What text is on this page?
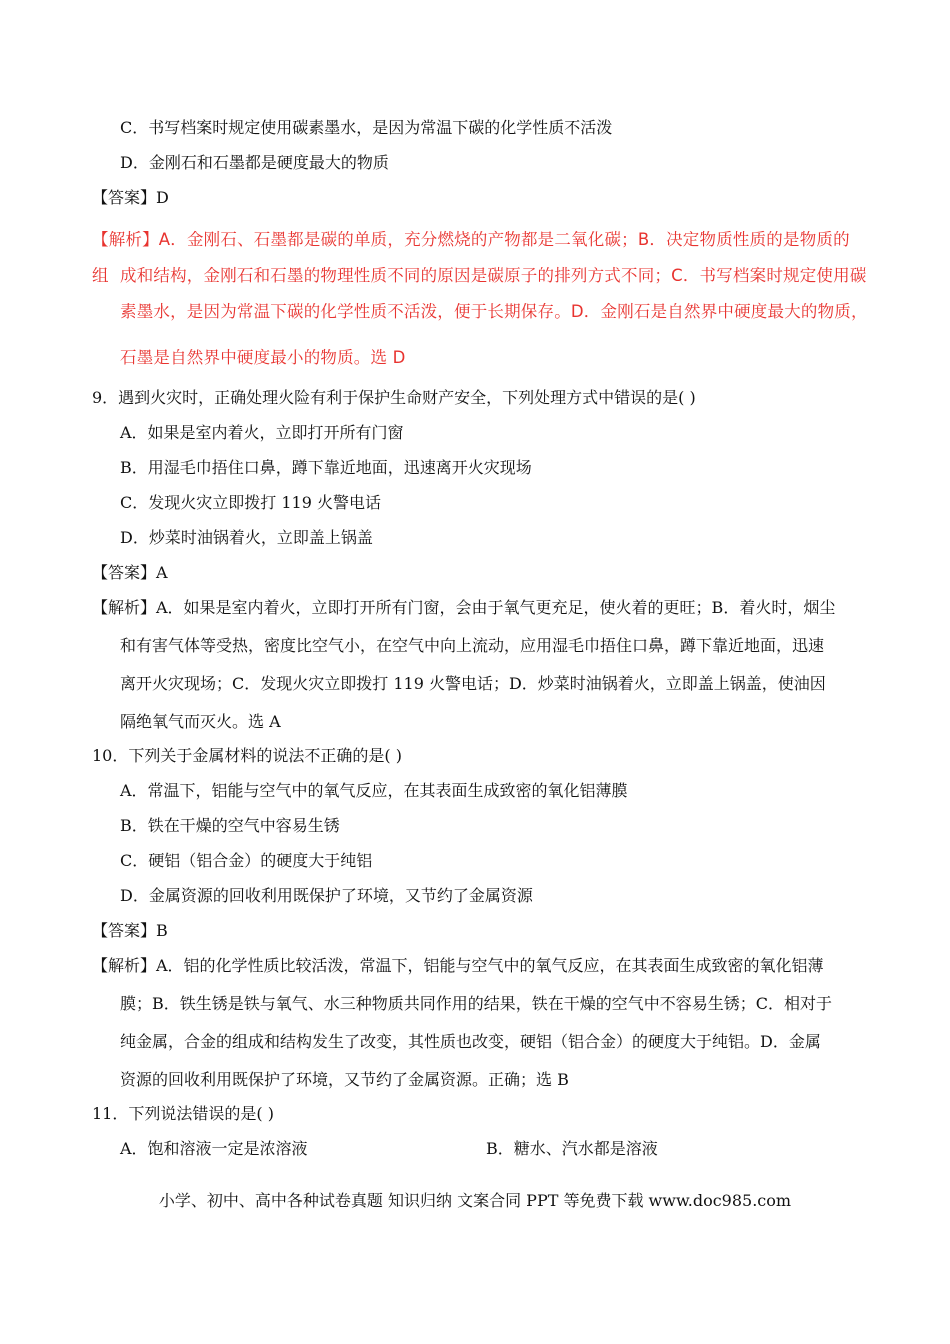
C．书写档案时规定使用碳素墨水，是因为常温下碳的化学性质不活泼
D．金刚石和石墨都是硬度最大的物质
【答案】D
【解析】A．金刚石、石墨都是碳的单质，充分燃烧的产物都是二氧化碳；B．决定物质性质的是物质的组 成和结构，金刚石和石墨的物理性质不同的原因是碳原子的排列方式不同；C．书写档案时规定使用碳
素墨水，是因为常温下碳的化学性质不活泼，便于长期保存。D．金刚石是自然界中硬度最大的物质，
石墨是自然界中硬度最小的物质。选 D
9．遇到火灾时，正确处理火险有利于保护生命财产安全，下列处理方式中错误的是( )
A．如果是室内着火，立即打开所有门窗
B．用湿毛巾捂住口鼻，蹲下靠近地面，迅速离开火灾现场
C．发现火灾立即拨打 119 火警电话
D．炒菜时油锅着火，立即盖上锅盖
【答案】A
【解析】A．如果是室内着火，立即打开所有门窗，会由于氧气更充足，使火着的更旺；B．着火时，烟尘
和有害气体等受热，密度比空气小，在空气中向上流动，应用湿毛巾捂住口鼻，蹲下靠近地面，迅速
离开火灾现场；C．发现火灾立即拨打 119 火警电话；D．炒菜时油锅着火，立即盖上锅盖，使油因
隔绝氧气而灭火。选 A
10．下列关于金属材料的说法不正确的是( )
A．常温下，铝能与空气中的氧气反应，在其表面生成致密的氧化铝薄膜
B．铁在干燥的空气中容易生锈
C．硬铝（铝合金）的硬度大于纯铝
D．金属资源的回收利用既保护了环境，又节约了金属资源
【答案】B
【解析】A．铝的化学性质比较活泼，常温下，铝能与空气中的氧气反应，在其表面生成致密的氧化铝薄
膜；B．铁生锈是铁与氧气、水三种物质共同作用的结果，铁在干燥的空气中不容易生锈；C．相对于
纯金属，合金的组成和结构发生了改变，其性质也改变，硬铝（铝合金）的硬度大于纯铝。D．金属
资源的回收利用既保护了环境，又节约了金属资源。正确；选 B
11．下列说法错误的是( )
A．饱和溶液一定是浓溶液	B．糖水、汽水都是溶液
小学、初中、高中各种试卷真题 知识归纳 文案合同 PPT 等免费下载 www.doc985.com
